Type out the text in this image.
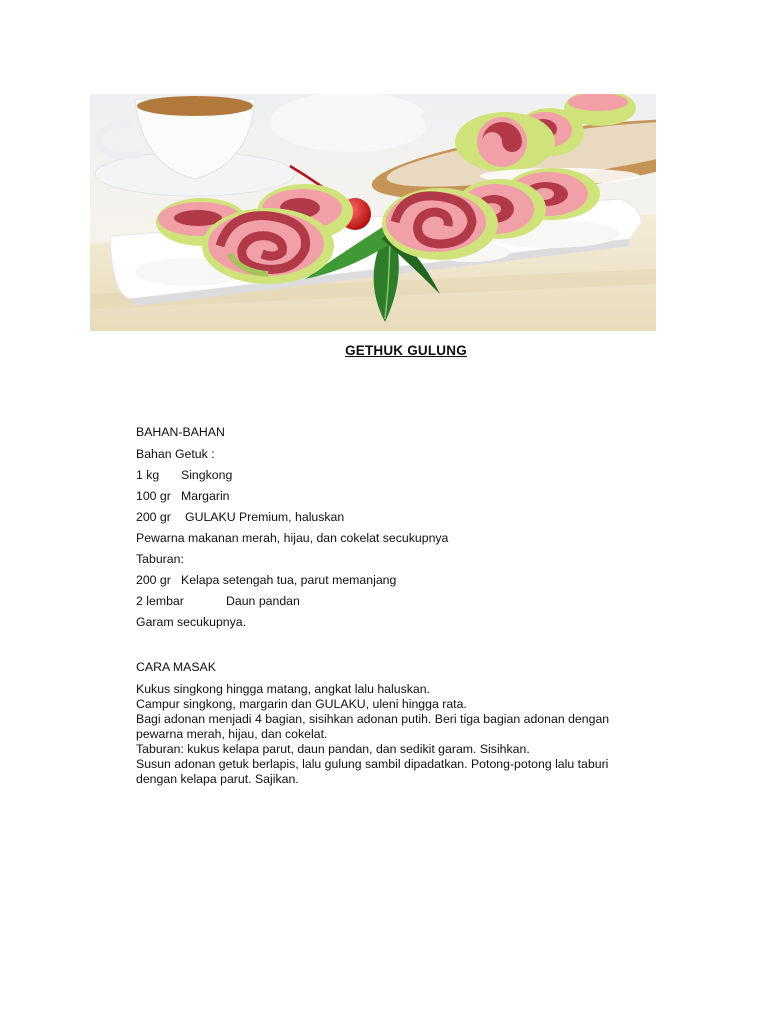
GETHUK GULUNG
BAHAN-BAHAN
Bahan Getuk :
1 kg	Singkong
100 gr Margarin
200 gr	GULAKU Premium, haluskan
Pewarna makanan merah, hijau, dan cokelat secukupnya
Taburan:
200 gr Kelapa setengah tua, parut memanjang
2 lembar	Daun pandan
Garam secukupnya.
CARA MASAK
Kukus singkong hingga matang, angkat lalu haluskan.
Campur singkong, margarin dan GULAKU, uleni hingga rata.
Bagi adonan menjadi 4 bagian, sisihkan adonan putih. Beri tiga bagian adonan dengan
pewarna merah, hijau, dan cokelat.
Taburan: kukus kelapa parut, daun pandan, dan sedikit garam. Sisihkan.
Susun adonan getuk berlapis, lalu gulung sambil dipadatkan. Potong-potong lalu taburi
dengan kelapa parut. Sajikan.
